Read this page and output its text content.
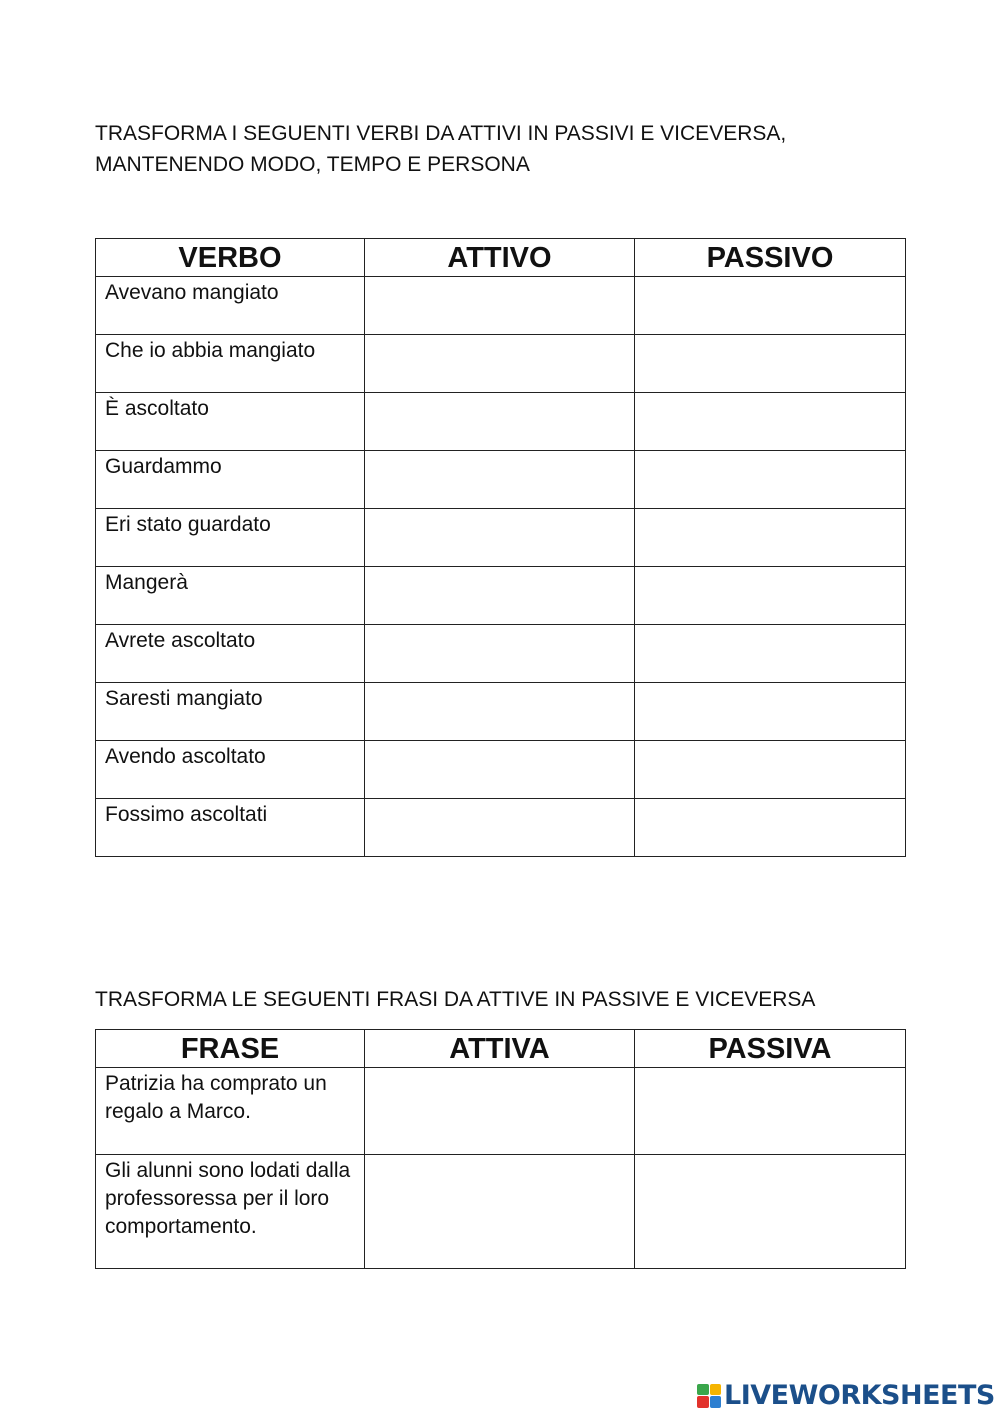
TRASFORMA I SEGUENTI VERBI DA ATTIVI IN PASSIVI E VICEVERSA,
MANTENENDO MODO, TEMPO E PERSONA

VERBO	ATTIVO	PASSIVO
Avevano mangiato		
Che io abbia mangiato		
È ascoltato		
Guardammo		
Eri stato guardato		
Mangerà		
Avrete ascoltato		
Saresti mangiato		
Avendo ascoltato		
Fossimo ascoltati		

TRASFORMA LE SEGUENTI FRASI DA ATTIVE IN PASSIVE E VICEVERSA

FRASE	ATTIVA	PASSIVA
Patrizia ha comprato un regalo a Marco.		
Gli alunni sono lodati dalla professoressa per il loro comportamento.		
LIVEWORKSHEETS
